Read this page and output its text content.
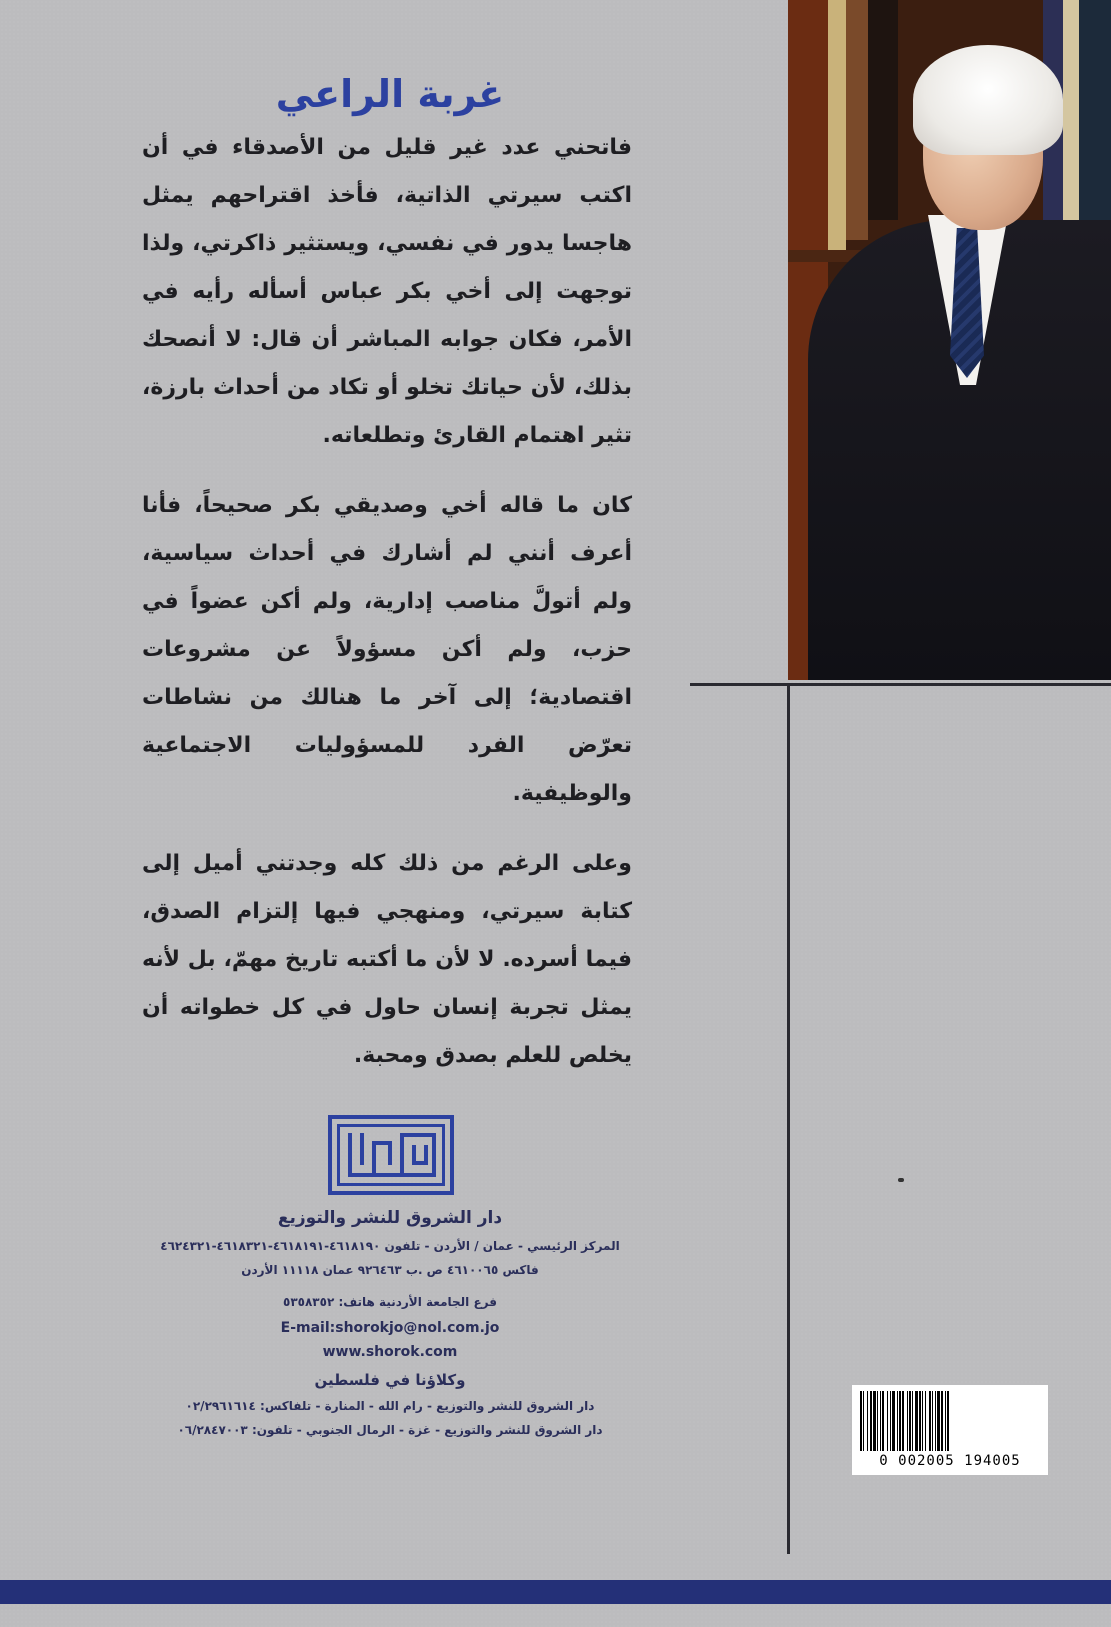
غربة الراعي

فاتحني عدد غير قليل من الأصدقاء في أن اكتب سيرتي الذاتية، فأخذ اقتراحهم يمثل هاجسا يدور في نفسي، ويستثير ذاكرتي، ولذا توجهت إلى أخي بكر عباس أسأله رأيه في الأمر، فكان جوابه المباشر أن قال: لا أنصحك بذلك، لأن حياتك تخلو أو تكاد من أحداث بارزة، تثير اهتمام القارئ وتطلعاته.

كان ما قاله أخي وصديقي بكر صحيحاً، فأنا أعرف أنني لم أشارك في أحداث سياسية، ولم أتولَّ مناصب إدارية، ولم أكن عضواً في حزب، ولم أكن مسؤولاً عن مشروعات اقتصادية؛ إلى آخر ما هنالك من نشاطات تعرّض الفرد للمسؤوليات الاجتماعية والوظيفية.

وعلى الرغم من ذلك كله وجدتني أميل إلى كتابة سيرتي، ومنهجي فيها إلتزام الصدق، فيما أسرده. لا لأن ما أكتبه تاريخ مهمّ، بل لأنه يمثل تجربة إنسان حاول في كل خطواته أن يخلص للعلم بصدق ومحبة.

دار الشروق للنشر والتوزيع
المركز الرئيسي - عمان / الأردن - تلفون ٤٦١٨١٩٠-٤٦١٨١٩١-٤٦١٨٣٢١-٤٦٢٤٣٢١
فاكس ٤٦١٠٠٦٥ ص .ب ٩٢٦٤٦٣ عمان ١١١١٨ الأردن
فرع الجامعة الأردنية هاتف: ٥٣٥٨٣٥٢
E-mail:shorokjo@nol.com.jo
www.shorok.com
وكلاؤنا في فلسطين
دار الشروق للنشر والتوزيع - رام الله - المنارة - تلفاكس: ٠٢/٢٩٦١٦١٤
دار الشروق للنشر والتوزيع - غزة - الرمال الجنوبي - تلفون: ٠٦/٢٨٤٧٠٠٣
0 002005 194005
